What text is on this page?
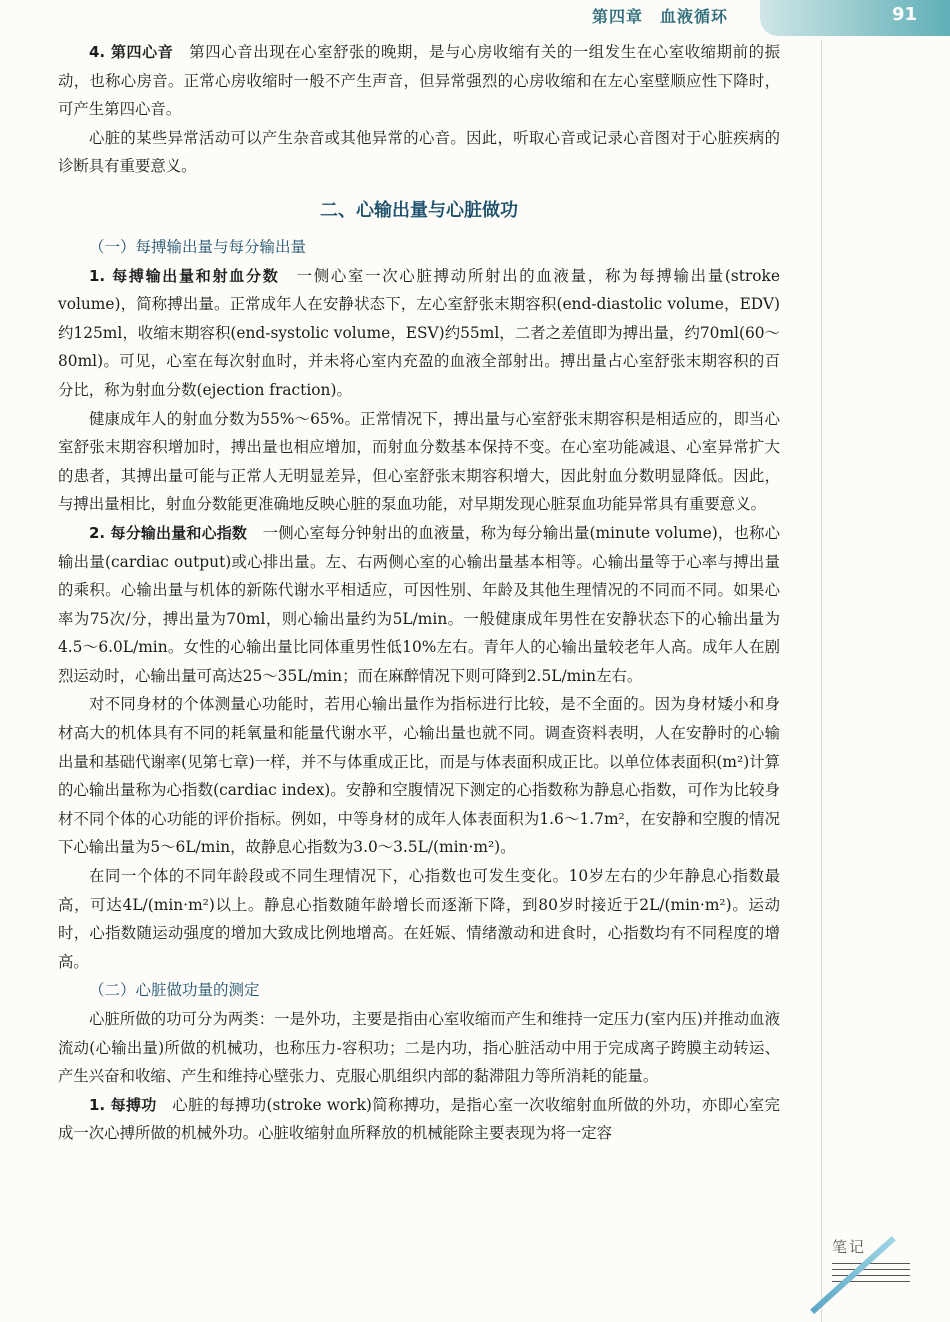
第四章　血液循环	91

4. 第四心音　第四心音出现在心室舒张的晚期，是与心房收缩有关的一组发生在心室收缩期前的振动，也称心房音。正常心房收缩时一般不产生声音，但异常强烈的心房收缩和在左心室壁顺应性下降时，可产生第四心音。

心脏的某些异常活动可以产生杂音或其他异常的心音。因此，听取心音或记录心音图对于心脏疾病的诊断具有重要意义。

二、心输出量与心脏做功
（一）每搏输出量与每分输出量

1. 每搏输出量和射血分数　一侧心室一次心脏搏动所射出的血液量，称为每搏输出量(stroke volume)，简称搏出量。正常成年人在安静状态下，左心室舒张末期容积(end-diastolic volume，EDV)约125ml，收缩末期容积(end-systolic volume，ESV)约55ml，二者之差值即为搏出量，约70ml(60～80ml)。可见，心室在每次射血时，并未将心室内充盈的血液全部射出。搏出量占心室舒张末期容积的百分比，称为射血分数(ejection fraction)。

健康成年人的射血分数为55%～65%。正常情况下，搏出量与心室舒张末期容积是相适应的，即当心室舒张末期容积增加时，搏出量也相应增加，而射血分数基本保持不变。在心室功能减退、心室异常扩大的患者，其搏出量可能与正常人无明显差异，但心室舒张末期容积增大，因此射血分数明显降低。因此，与搏出量相比，射血分数能更准确地反映心脏的泵血功能，对早期发现心脏泵血功能异常具有重要意义。

2. 每分输出量和心指数　一侧心室每分钟射出的血液量，称为每分输出量(minute volume)，也称心输出量(cardiac output)或心排出量。左、右两侧心室的心输出量基本相等。心输出量等于心率与搏出量的乘积。心输出量与机体的新陈代谢水平相适应，可因性别、年龄及其他生理情况的不同而不同。如果心率为75次/分，搏出量为70ml，则心输出量约为5L/min。一般健康成年男性在安静状态下的心输出量为4.5～6.0L/min。女性的心输出量比同体重男性低10%左右。青年人的心输出量较老年人高。成年人在剧烈运动时，心输出量可高达25～35L/min；而在麻醉情况下则可降到2.5L/min左右。

对不同身材的个体测量心功能时，若用心输出量作为指标进行比较，是不全面的。因为身材矮小和身材高大的机体具有不同的耗氧量和能量代谢水平，心输出量也就不同。调查资料表明，人在安静时的心输出量和基础代谢率(见第七章)一样，并不与体重成正比，而是与体表面积成正比。以单位体表面积(m²)计算的心输出量称为心指数(cardiac index)。安静和空腹情况下测定的心指数称为静息心指数，可作为比较身材不同个体的心功能的评价指标。例如，中等身材的成年人体表面积为1.6～1.7m²，在安静和空腹的情况下心输出量为5～6L/min，故静息心指数为3.0～3.5L/(min·m²)。

在同一个体的不同年龄段或不同生理情况下，心指数也可发生变化。10岁左右的少年静息心指数最高，可达4L/(min·m²)以上。静息心指数随年龄增长而逐渐下降，到80岁时接近于2L/(min·m²)。运动时，心指数随运动强度的增加大致成比例地增高。在妊娠、情绪激动和进食时，心指数均有不同程度的增高。

（二）心脏做功量的测定

心脏所做的功可分为两类：一是外功，主要是指由心室收缩而产生和维持一定压力(室内压)并推动血液流动(心输出量)所做的机械功，也称压力-容积功；二是内功，指心脏活动中用于完成离子跨膜主动转运、产生兴奋和收缩、产生和维持心壁张力、克服心肌组织内部的黏滞阻力等所消耗的能量。

1. 每搏功　心脏的每搏功(stroke work)简称搏功，是指心室一次收缩射血所做的外功，亦即心室完成一次心搏所做的机械外功。心脏收缩射血所释放的机械能除主要表现为将一定容

笔记
